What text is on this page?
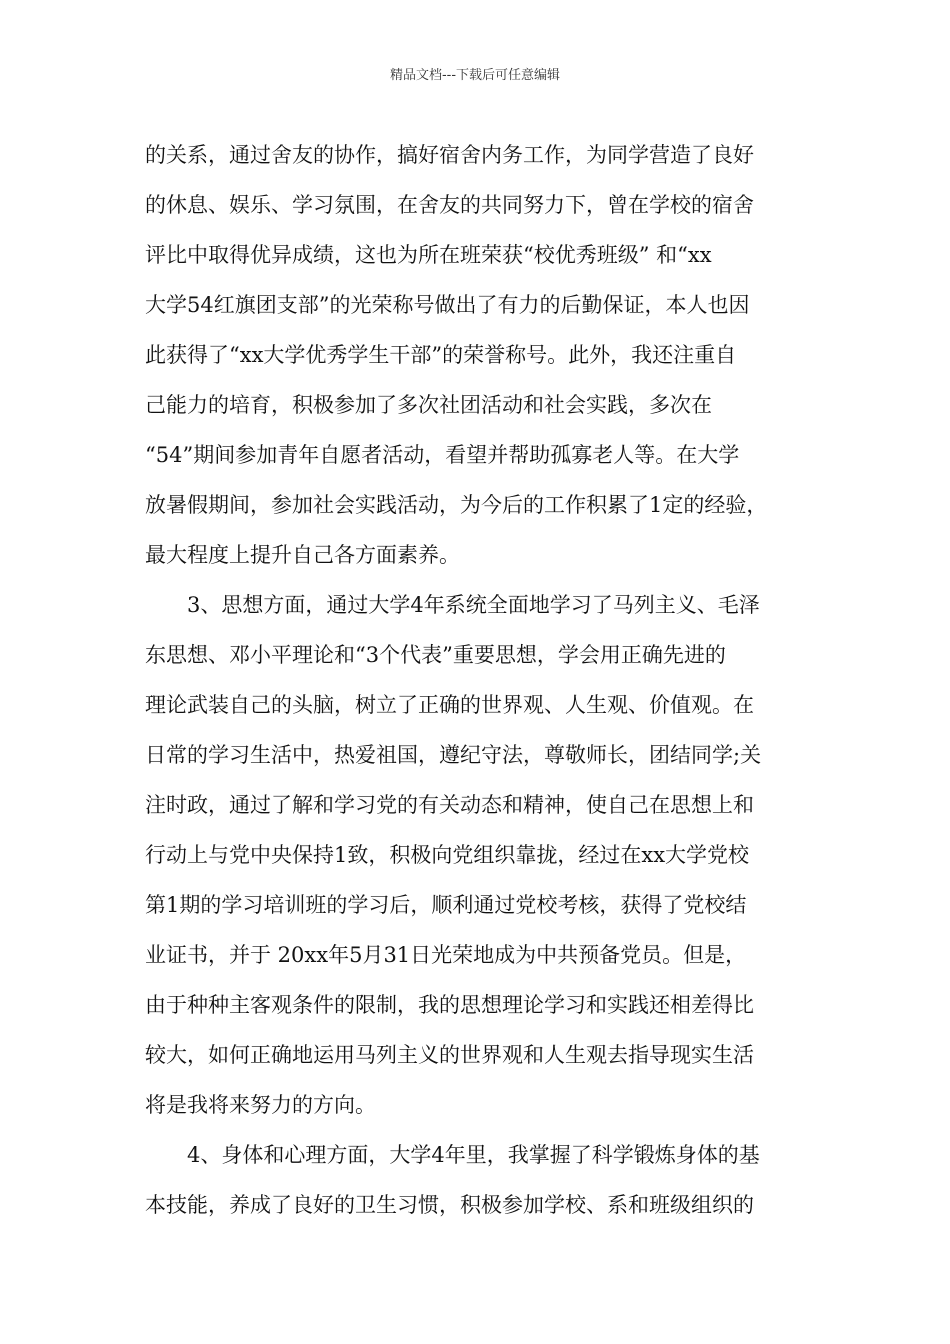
精品文档---下载后可任意编辑
的关系，通过舍友的协作，搞好宿舍内务工作，为同学营造了良好
的休息、娱乐、学习氛围，在舍友的共同努力下，曾在学校的宿舍
评比中取得优异成绩，这也为所在班荣获“校优秀班级” 和“xx
大学54红旗团支部”的光荣称号做出了有力的后勤保证，本人也因
此获得了“xx大学优秀学生干部”的荣誉称号。此外，我还注重自
己能力的培育，积极参加了多次社团活动和社会实践，多次在
“54”期间参加青年自愿者活动，看望并帮助孤寡老人等。在大学
放暑假期间，参加社会实践活动，为今后的工作积累了1定的经验，
最大程度上提升自己各方面素养。
3、思想方面，通过大学4年系统全面地学习了马列主义、毛泽
东思想、邓小平理论和“3个代表”重要思想，学会用正确先进的
理论武装自己的头脑，树立了正确的世界观、人生观、价值观。在
日常的学习生活中，热爱祖国，遵纪守法，尊敬师长，团结同学;关
注时政，通过了解和学习党的有关动态和精神，使自己在思想上和
行动上与党中央保持1致，积极向党组织靠拢，经过在xx大学党校
第1期的学习培训班的学习后，顺利通过党校考核，获得了党校结
业证书，并于 20xx年5月31日光荣地成为中共预备党员。但是，
由于种种主客观条件的限制，我的思想理论学习和实践还相差得比
较大，如何正确地运用马列主义的世界观和人生观去指导现实生活
将是我将来努力的方向。
4、身体和心理方面，大学4年里，我掌握了科学锻炼身体的基
本技能，养成了良好的卫生习惯，积极参加学校、系和班级组织的
